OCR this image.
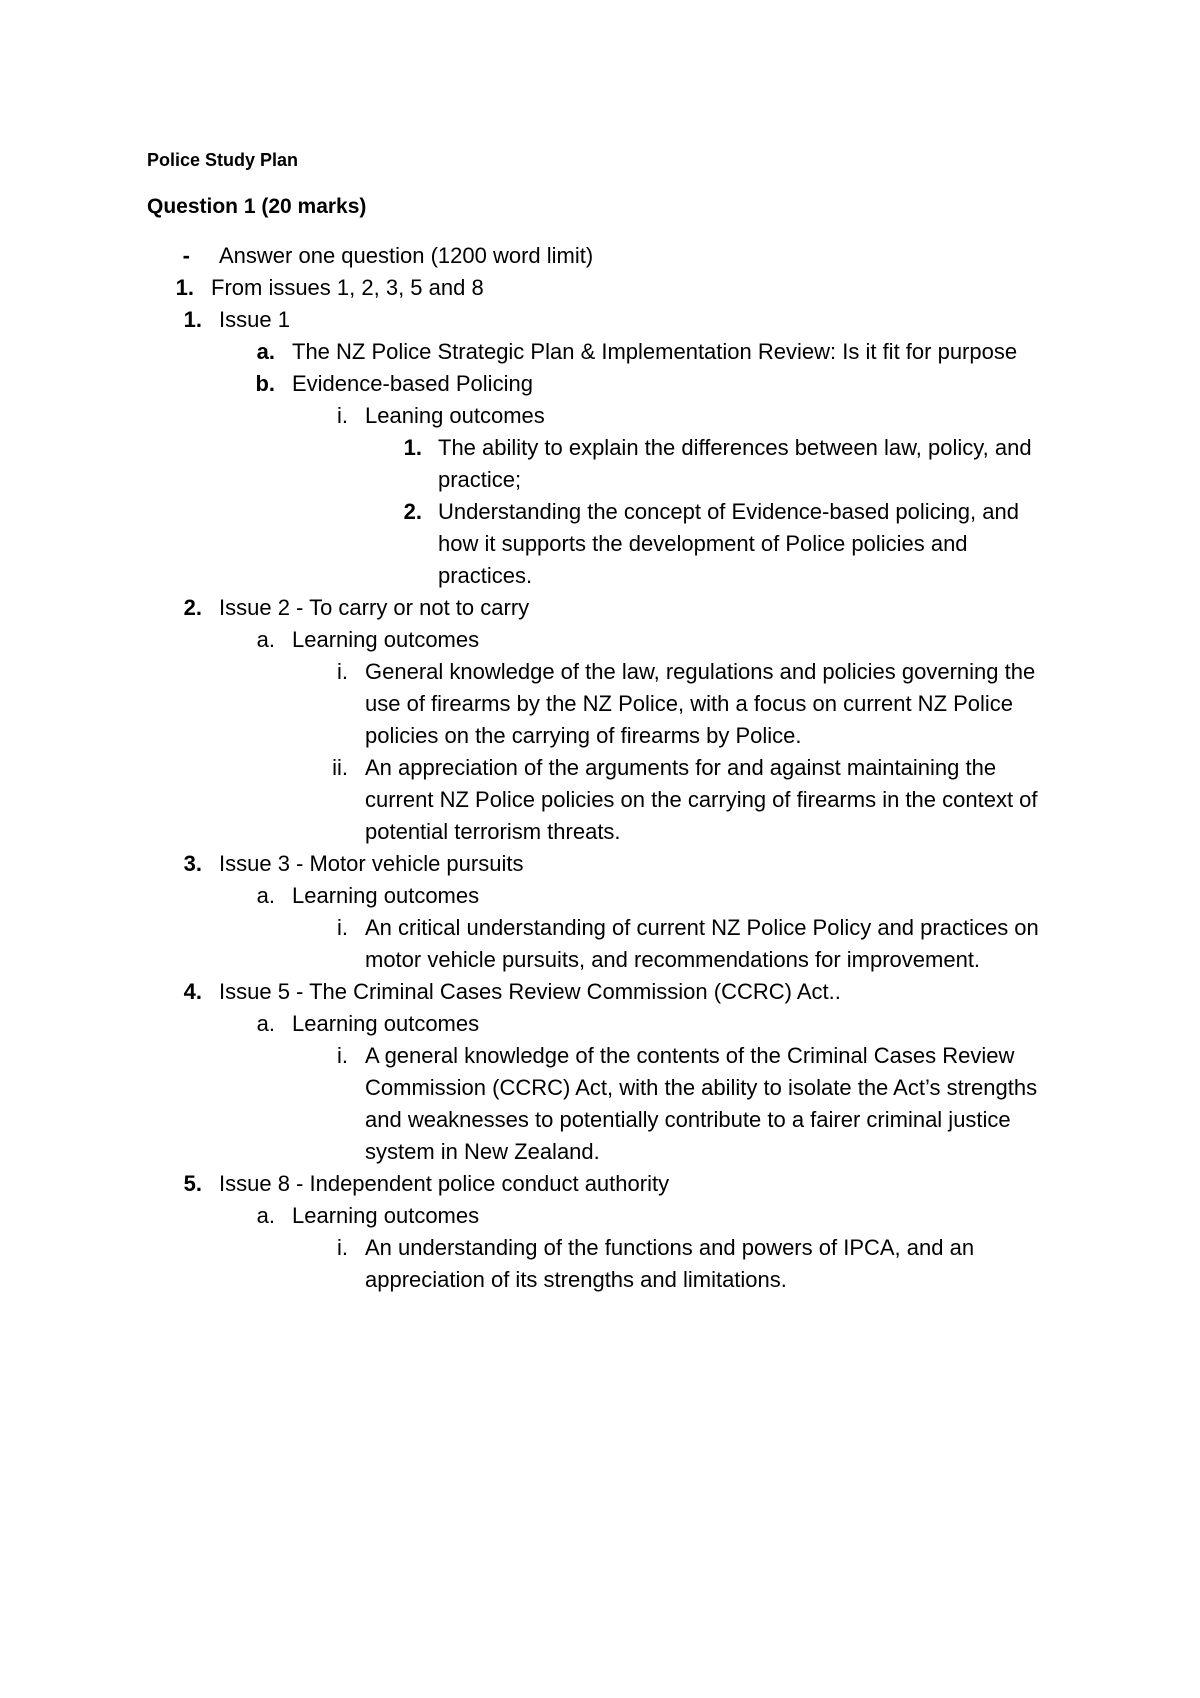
Police Study Plan
Question 1 (20 marks)
- Answer one question (1200 word limit)
1. From issues 1, 2, 3, 5 and 8
1. Issue 1
a. The NZ Police Strategic Plan & Implementation Review: Is it fit for purpose
b. Evidence-based Policing
i. Leaning outcomes
1. The ability to explain the differences between law, policy, and
practice;
2. Understanding the concept of Evidence-based policing, and
how it supports the development of Police policies and
practices.
2. Issue 2 - To carry or not to carry
a. Learning outcomes
i. General knowledge of the law, regulations and policies governing the
use of firearms by the NZ Police, with a focus on current NZ Police
policies on the carrying of firearms by Police.
ii. An appreciation of the arguments for and against maintaining the
current NZ Police policies on the carrying of firearms in the context of
potential terrorism threats.
3. Issue 3 - Motor vehicle pursuits
a. Learning outcomes
i. An critical understanding of current NZ Police Policy and practices on
motor vehicle pursuits, and recommendations for improvement.
4. Issue 5 - The Criminal Cases Review Commission (CCRC) Act..
a. Learning outcomes
i. A general knowledge of the contents of the Criminal Cases Review
Commission (CCRC) Act, with the ability to isolate the Act’s strengths
and weaknesses to potentially contribute to a fairer criminal justice
system in New Zealand.
5. Issue 8 - Independent police conduct authority
a. Learning outcomes
i. An understanding of the functions and powers of IPCA, and an
appreciation of its strengths and limitations.
